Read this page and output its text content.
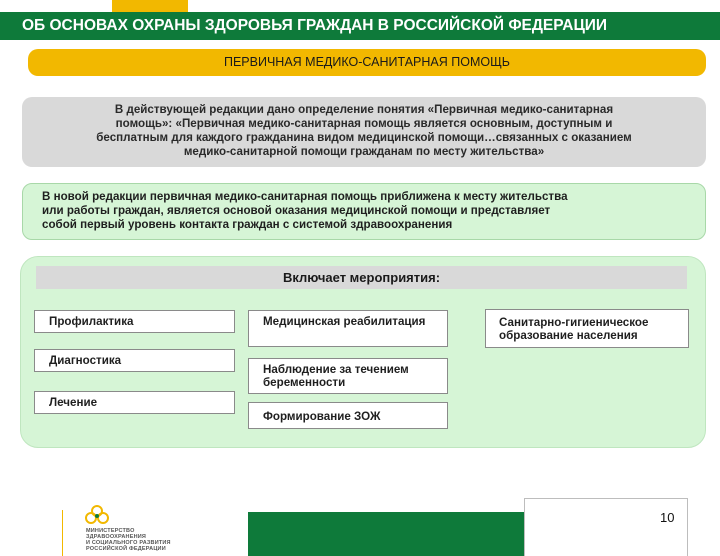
ОБ ОСНОВАХ ОХРАНЫ ЗДОРОВЬЯ ГРАЖДАН В РОССИЙСКОЙ ФЕДЕРАЦИИ
ПЕРВИЧНАЯ МЕДИКО-САНИТАРНАЯ ПОМОЩЬ
В действующей редакции дано определение понятия «Первичная медико-санитарная
помощь»: «Первичная медико-санитарная помощь является основным, доступным и
бесплатным для каждого гражданина видом медицинской помощи…связанных с оказанием
медико-санитарной помощи гражданам по месту жительства»
В новой редакции первичная медико-санитарная помощь приближена к месту жительства
или работы граждан, является основой оказания медицинской помощи и представляет
собой первый уровень контакта граждан с системой здравоохранения
Включает мероприятия:
Профилактика
Диагностика
Лечение
Медицинская реабилитация
Наблюдение за течением беременности
Формирование ЗОЖ
Санитарно-гигиеническое образование населения
МИНИСТЕРСТВО
ЗДРАВООХРАНЕНИЯ
И СОЦИАЛЬНОГО РАЗВИТИЯ
РОССИЙСКОЙ ФЕДЕРАЦИИ
10
